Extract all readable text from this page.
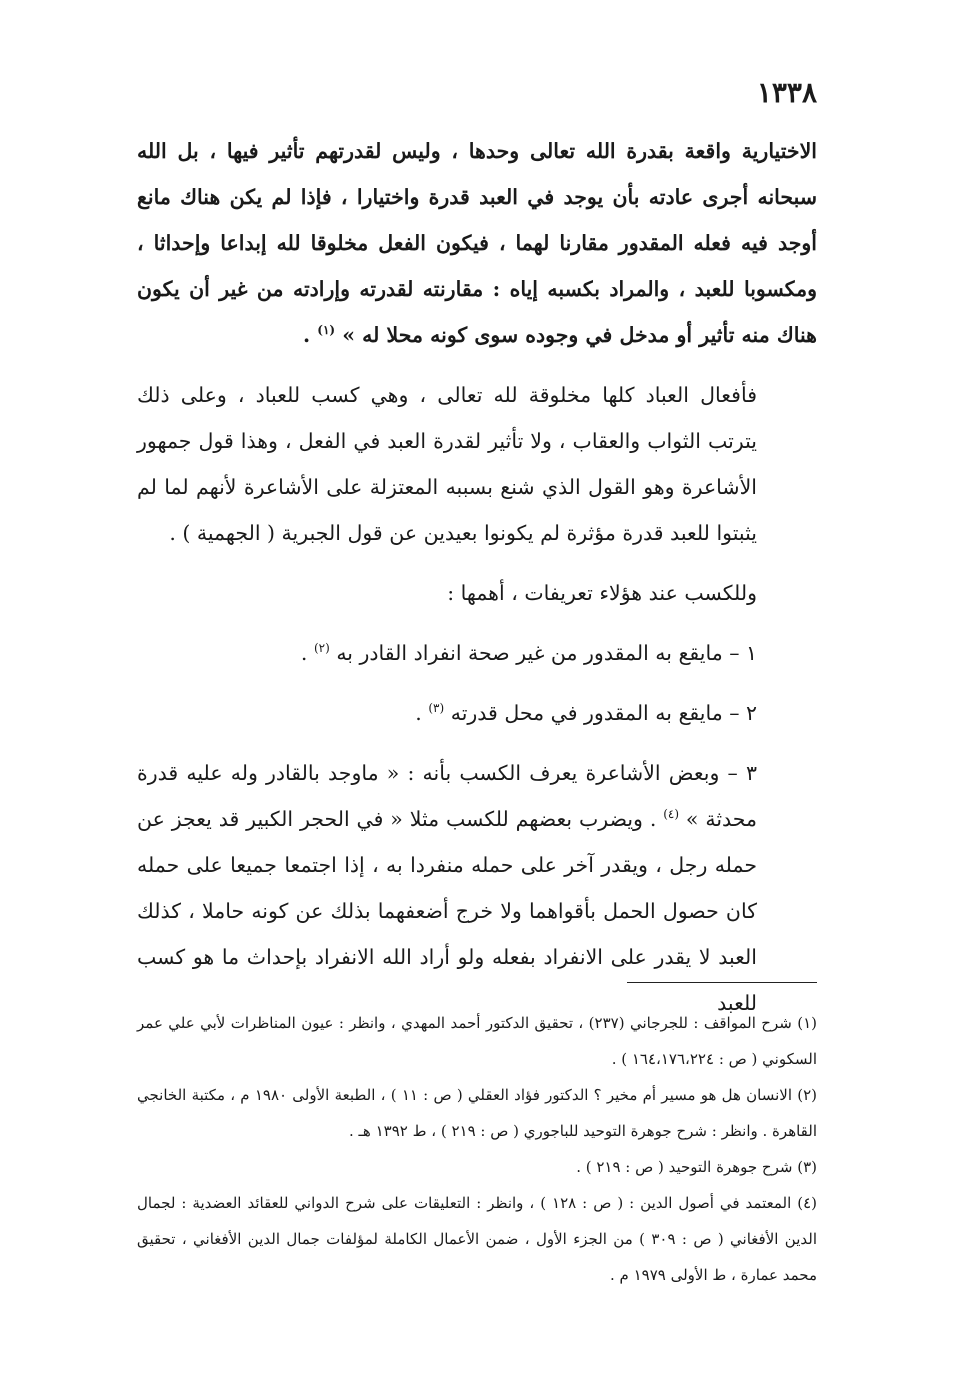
١٣٣٨

الاختيارية واقعة بقدرة الله تعالى وحدها ، وليس لقدرتهم تأثير فيها ، بل الله سبحانه أجرى عادته بأن يوجد في العبد قدرة واختيارا ، فإذا لم يكن هناك مانع أوجد فيه فعله المقدور مقارنا لهما ، فيكون الفعل مخلوقا لله إبداعا وإحداثا ، ومكسوبا للعبد ، والمراد بكسبه إياه : مقارنته لقدرته وإرادته من غير أن يكون هناك منه تأثير أو مدخل في وجوده سوى كونه محلا له » $^{(١)}$ .

فأفعال العباد كلها مخلوقة لله تعالى ، وهي كسب للعباد ، وعلى ذلك يترتب الثواب والعقاب ، ولا تأثير لقدرة العبد في الفعل ، وهذا قول جمهور الأشاعرة وهو القول الذي شنع بسببه المعتزلة على الأشاعرة لأنهم لما لم يثبتوا للعبد قدرة مؤثرة لم يكونوا بعيدين عن قول الجبرية ( الجهمية ) .

وللكسب عند هؤلاء تعريفات ، أهمها :

١ – مايقع به المقدور من غير صحة انفراد القادر به $^{(٢)}$ .

٢ – مايقع به المقدور في محل قدرته $^{(٣)}$ .

٣ – وبعض الأشاعرة يعرف الكسب بأنه : « ماوجد بالقادر وله عليه قدرة محدثة » $^{(٤)}$ . ويضرب بعضهم للكسب مثلا « في الحجر الكبير قد يعجز عن حمله رجل ، ويقدر آخر على حمله منفردا به ، إذا اجتمعا جميعا على حمله كان حصول الحمل بأقواهما ولا خرج أضعفهما بذلك عن كونه حاملا ، كذلك العبد لا يقدر على الانفراد بفعله ولو أراد الله الانفراد بإحداث ما هو كسب للعبد

(١) شرح المواقف : للجرجاني (٢٣٧) ، تحقيق الدكتور أحمد المهدي ، وانظر : عيون المناظرات لأبي علي عمر السكوني ( ص : ١٦٤،١٧٦،٢٢٤ ) .

(٢) الانسان هل هو مسير أم مخير ؟ الدكتور فؤاد العقلي ( ص : ١١ ) ، الطبعة الأولى ١٩٨٠ م ، مكتبة الخانجي القاهرة . وانظر : شرح جوهرة التوحيد للباجوري ( ص : ٢١٩ ) ، ط ١٣٩٢ هـ .

(٣) شرح جوهرة التوحيد ( ص : ٢١٩ ) .

(٤) المعتمد في أصول الدين : ( ص : ١٢٨ ) ، وانظر : التعليقات على شرح الدواني للعقائد العضدية : لجمال الدين الأفغاني ( ص : ٣٠٩ ) من الجزء الأول ، ضمن الأعمال الكاملة لمؤلفات جمال الدين الأفغاني ، تحقيق محمد عمارة ، ط الأولى ١٩٧٩ م .
